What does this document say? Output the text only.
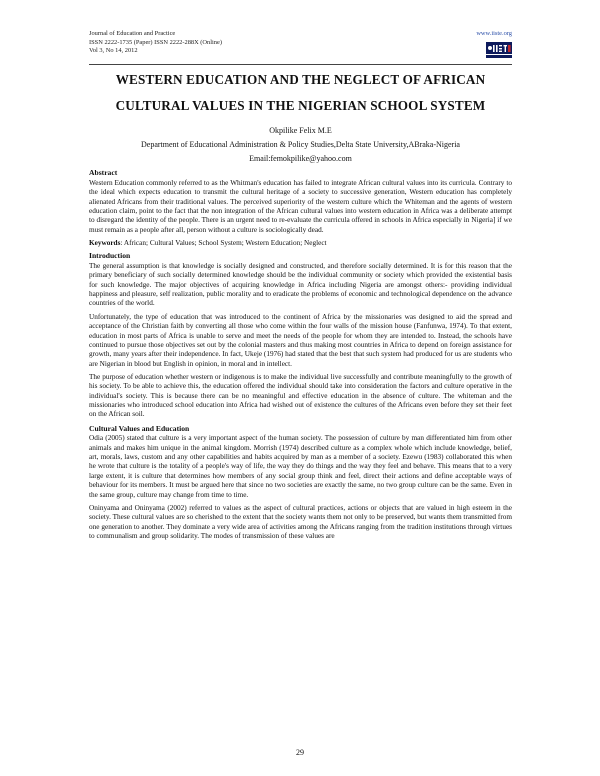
Journal of Education and Practice
ISSN 2222-1735 (Paper) ISSN 2222-288X (Online)
Vol 3, No 14, 2012
www.iiste.org
WESTERN EDUCATION AND THE NEGLECT OF AFRICAN
CULTURAL VALUES IN THE NIGERIAN SCHOOL SYSTEM
Okpilike Felix M.E
Department of Educational Administration & Policy Studies,Delta State University,ABraka-Nigeria
Email:femokpilike@yahoo.com
Abstract
Western Education commonly referred to as the Whitman's education has failed to integrate African cultural values into its curricula. Contrary to the ideal which expects education to transmit the cultural heritage of a society to successive generation, Western education has completely alienated Africans from their traditional values. The perceived superiority of the western culture which the Whiteman and the agents of western education claim, point to the fact that the non integration of the African cultural values into western education in Africa was a deliberate attempt to disregard the identity of the people. There is an urgent need to re-evaluate the curricula offered in schools in Africa especially in Nigeria] if we must remain as a people after all, person without a culture is sociologically dead.
Keywords: African; Cultural Values; School System; Western Education; Neglect
Introduction
The general assumption is that knowledge is socially designed and constructed, and therefore socially determined. It is for this reason that the primary beneficiary of such socially determined knowledge should be the individual community or society which provided the existential basis for such knowledge. The major objectives of acquiring knowledge in Africa including Nigeria are amongst others:- providing individual happiness and pleasure, self realization, public morality and to eradicate the problems of economic and technological dependence on the advance countries of the world.
Unfortunately, the type of education that was introduced to the continent of Africa by the missionaries was designed to aid the spread and acceptance of the Christian faith by converting all those who come within the four walls of the mission house (Fanfunwa, 1974). To that extent, education in most parts of Africa is unable to serve and meet the needs of the people for whom they are intended to. Instead, the schools have continued to pursue those objectives set out by the colonial masters and thus making most countries in Africa to depend on foreign assistance for growth, many years after their independence. In fact, Ukeje (1976) had stated that the best that such system had produced for us are students who are Nigerian in blood but English in opinion, in moral and in intellect.
The purpose of education whether western or indigenous is to make the individual live successfully and contribute meaningfully to the growth of his society. To be able to achieve this, the education offered the individual should take into consideration the factors and culture operative in the individual's society. This is because there can be no meaningful and effective education in the absence of culture. The whiteman and the missionaries who introduced school education into Africa had wished out of existence the cultures of the Africans even before they set their feet on the African soil.
Cultural Values and Education
Odia (2005) stated that culture is a very important aspect of the human society. The possession of culture by man differentiated him from other animals and makes him unique in the animal kingdom. Morrish (1974) described culture as a complex whole which include knowledge, belief, art, morals, laws, custom and any other capabilities and habits acquired by man as a member of a society. Ezewu (1983) collaborated this when he wrote that culture is the totality of a people's way of life, the way they do things and the way they feel and behave. This means that to a very large extent, it is culture that determines how members of any social group think and feel, direct their actions and define acceptable ways of behaviour for its members. It must be argued here that since no two societies are exactly the same, no two group culture can be the same. Even in the same group, culture may change from time to time.
Oninyama and Oninyama (2002) referred to values as the aspect of cultural practices, actions or objects that are valued in high esteem in the society. These cultural values are so cherished to the extent that the society wants them not only to be preserved, but wants them transmitted from one generation to another. They dominate a very wide area of activities among the Africans ranging from the tradition institutions through virtues to communalism and group solidarity. The modes of transmission of these values are
29
